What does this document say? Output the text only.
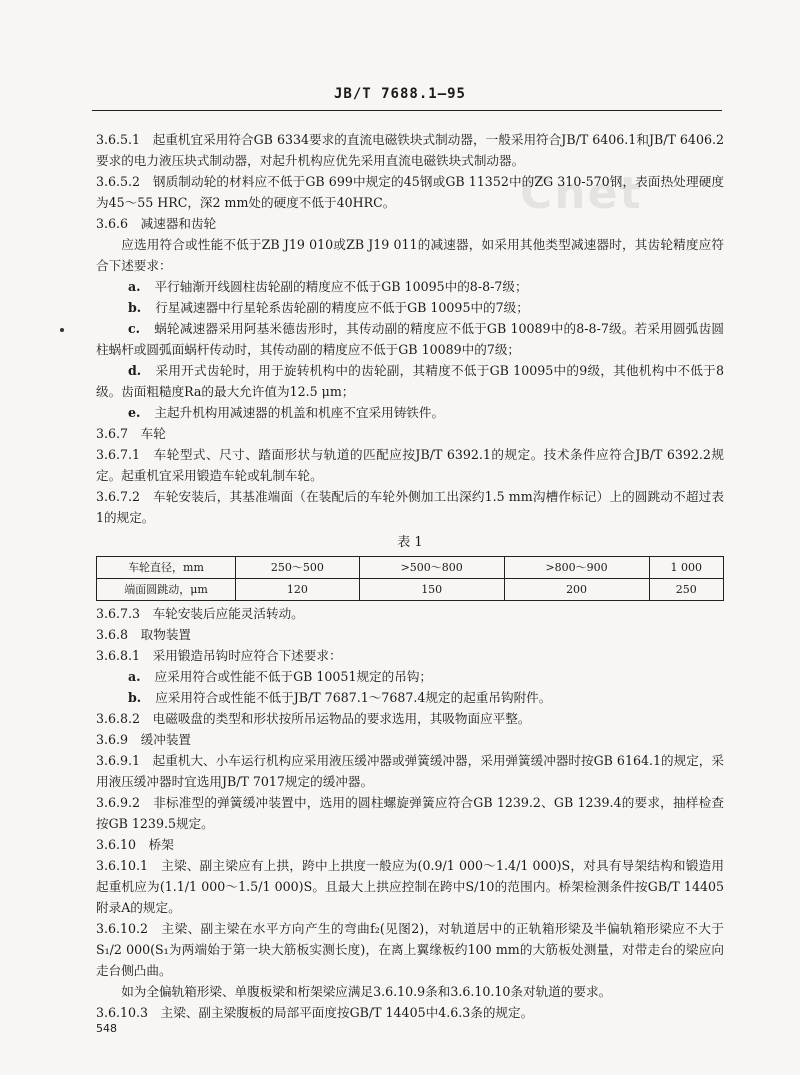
Cnet
JB/T 7688.1—95

3.6.5.1　起重机宜采用符合GB 6334要求的直流电磁铁块式制动器，一般采用符合JB/T 6406.1和JB/T 6406.2要求的电力液压块式制动器，对起升机构应优先采用直流电磁铁块式制动器。

3.6.5.2　钢质制动轮的材料应不低于GB 699中规定的45钢或GB 11352中的ZG 310-570钢，表面热处理硬度为45～55 HRC，深2 mm处的硬度不低于40HRC。

3.6.6　减速器和齿轮

应选用符合或性能不低于ZB J19 010或ZB J19 011的减速器，如采用其他类型减速器时，其齿轮精度应符合下述要求：

a. 平行轴渐开线圆柱齿轮副的精度应不低于GB 10095中的8-8-7级；

b. 行星减速器中行星轮系齿轮副的精度应不低于GB 10095中的7级；

c. 蜗轮减速器采用阿基米德齿形时，其传动副的精度应不低于GB 10089中的8-8-7级。若采用圆弧齿圆柱蜗杆或圆弧面蜗杆传动时，其传动副的精度应不低于GB 10089中的7级；

d. 采用开式齿轮时，用于旋转机构中的齿轮副，其精度不低于GB 10095中的9级，其他机构中不低于8级。齿面粗糙度Ra的最大允许值为12.5 μm；

e. 主起升机构用减速器的机盖和机座不宜采用铸铁件。

3.6.7　车轮

3.6.7.1　车轮型式、尺寸、踏面形状与轨道的匹配应按JB/T 6392.1的规定。技术条件应符合JB/T 6392.2规定。起重机宜采用锻造车轮或轧制车轮。

3.6.7.2　车轮安装后，其基准端面（在装配后的车轮外侧加工出深约1.5 mm沟槽作标记）上的圆跳动不超过表1的规定。

表 1
车轮直径，mm	250～500	>500～800	>800～900	1 000
端面圆跳动，μm	120	150	200	250

3.6.7.3　车轮安装后应能灵活转动。

3.6.8　取物装置

3.6.8.1　采用锻造吊钩时应符合下述要求：

a. 应采用符合或性能不低于GB 10051规定的吊钩；

b. 应采用符合或性能不低于JB/T 7687.1～7687.4规定的起重吊钩附件。

3.6.8.2　电磁吸盘的类型和形状按所吊运物品的要求选用，其吸物面应平整。

3.6.9　缓冲装置

3.6.9.1　起重机大、小车运行机构应采用液压缓冲器或弹簧缓冲器，采用弹簧缓冲器时按GB 6164.1的规定，采用液压缓冲器时宜选用JB/T 7017规定的缓冲器。

3.6.9.2　非标准型的弹簧缓冲装置中，选用的圆柱螺旋弹簧应符合GB 1239.2、GB 1239.4的要求，抽样检查按GB 1239.5规定。

3.6.10　桥架

3.6.10.1　主梁、副主梁应有上拱，跨中上拱度一般应为(0.9/1 000～1.4/1 000)S，对具有导架结构和锻造用起重机应为(1.1/1 000～1.5/1 000)S。且最大上拱应控制在跨中S/10的范围内。桥架检测条件按GB/T 14405附录A的规定。

3.6.10.2　主梁、副主梁在水平方向产生的弯曲f₂(见图2)，对轨道居中的正轨箱形梁及半偏轨箱形梁应不大于S₁/2 000(S₁为两端始于第一块大筋板实测长度)，在离上翼缘板约100 mm的大筋板处测量，对带走台的梁应向走台侧凸曲。

如为全偏轨箱形梁、单腹板梁和桁架梁应满足3.6.10.9条和3.6.10.10条对轨道的要求。

3.6.10.3　主梁、副主梁腹板的局部平面度按GB/T 14405中4.6.3条的规定。

548
